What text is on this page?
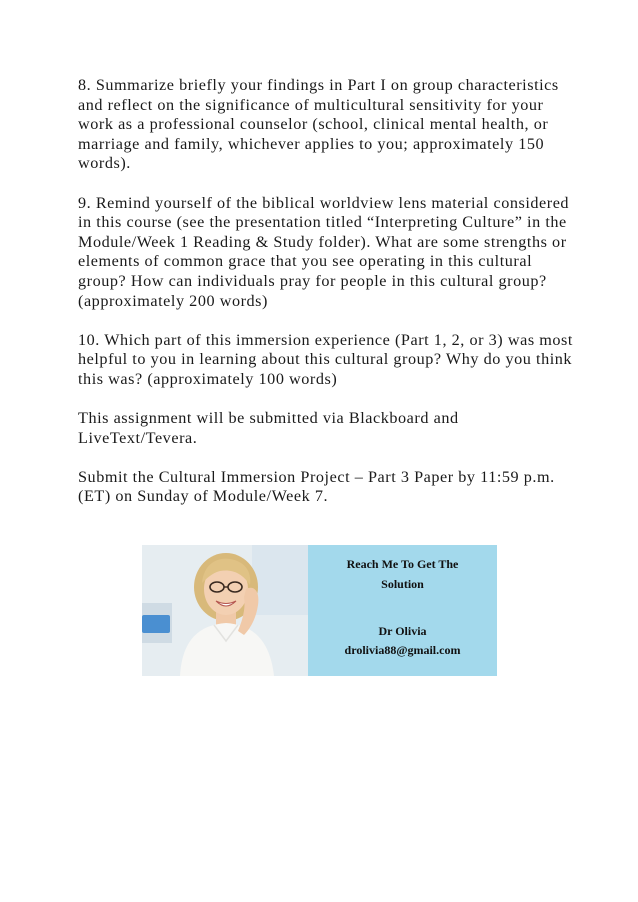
8. Summarize briefly your findings in Part I on group characteristics and reflect on the significance of multicultural sensitivity for your work as a professional counselor (school, clinical mental health, or marriage and family, whichever applies to you; approximately 150 words).

9. Remind yourself of the biblical worldview lens material considered in this course (see the presentation titled “Interpreting Culture” in the Module/Week 1 Reading & Study folder). What are some strengths or elements of common grace that you see operating in this cultural group? How can individuals pray for people in this cultural group? (approximately 200 words)

10. Which part of this immersion experience (Part 1, 2, or 3) was most helpful to you in learning about this cultural group? Why do you think this was? (approximately 100 words)

This assignment will be submitted via Blackboard and LiveText/Tevera.

Submit the Cultural Immersion Project – Part 3 Paper by 11:59 p.m. (ET) on Sunday of Module/Week 7.

Reach Me To Get The
Solution
Dr Olivia
drolivia88@gmail.com
